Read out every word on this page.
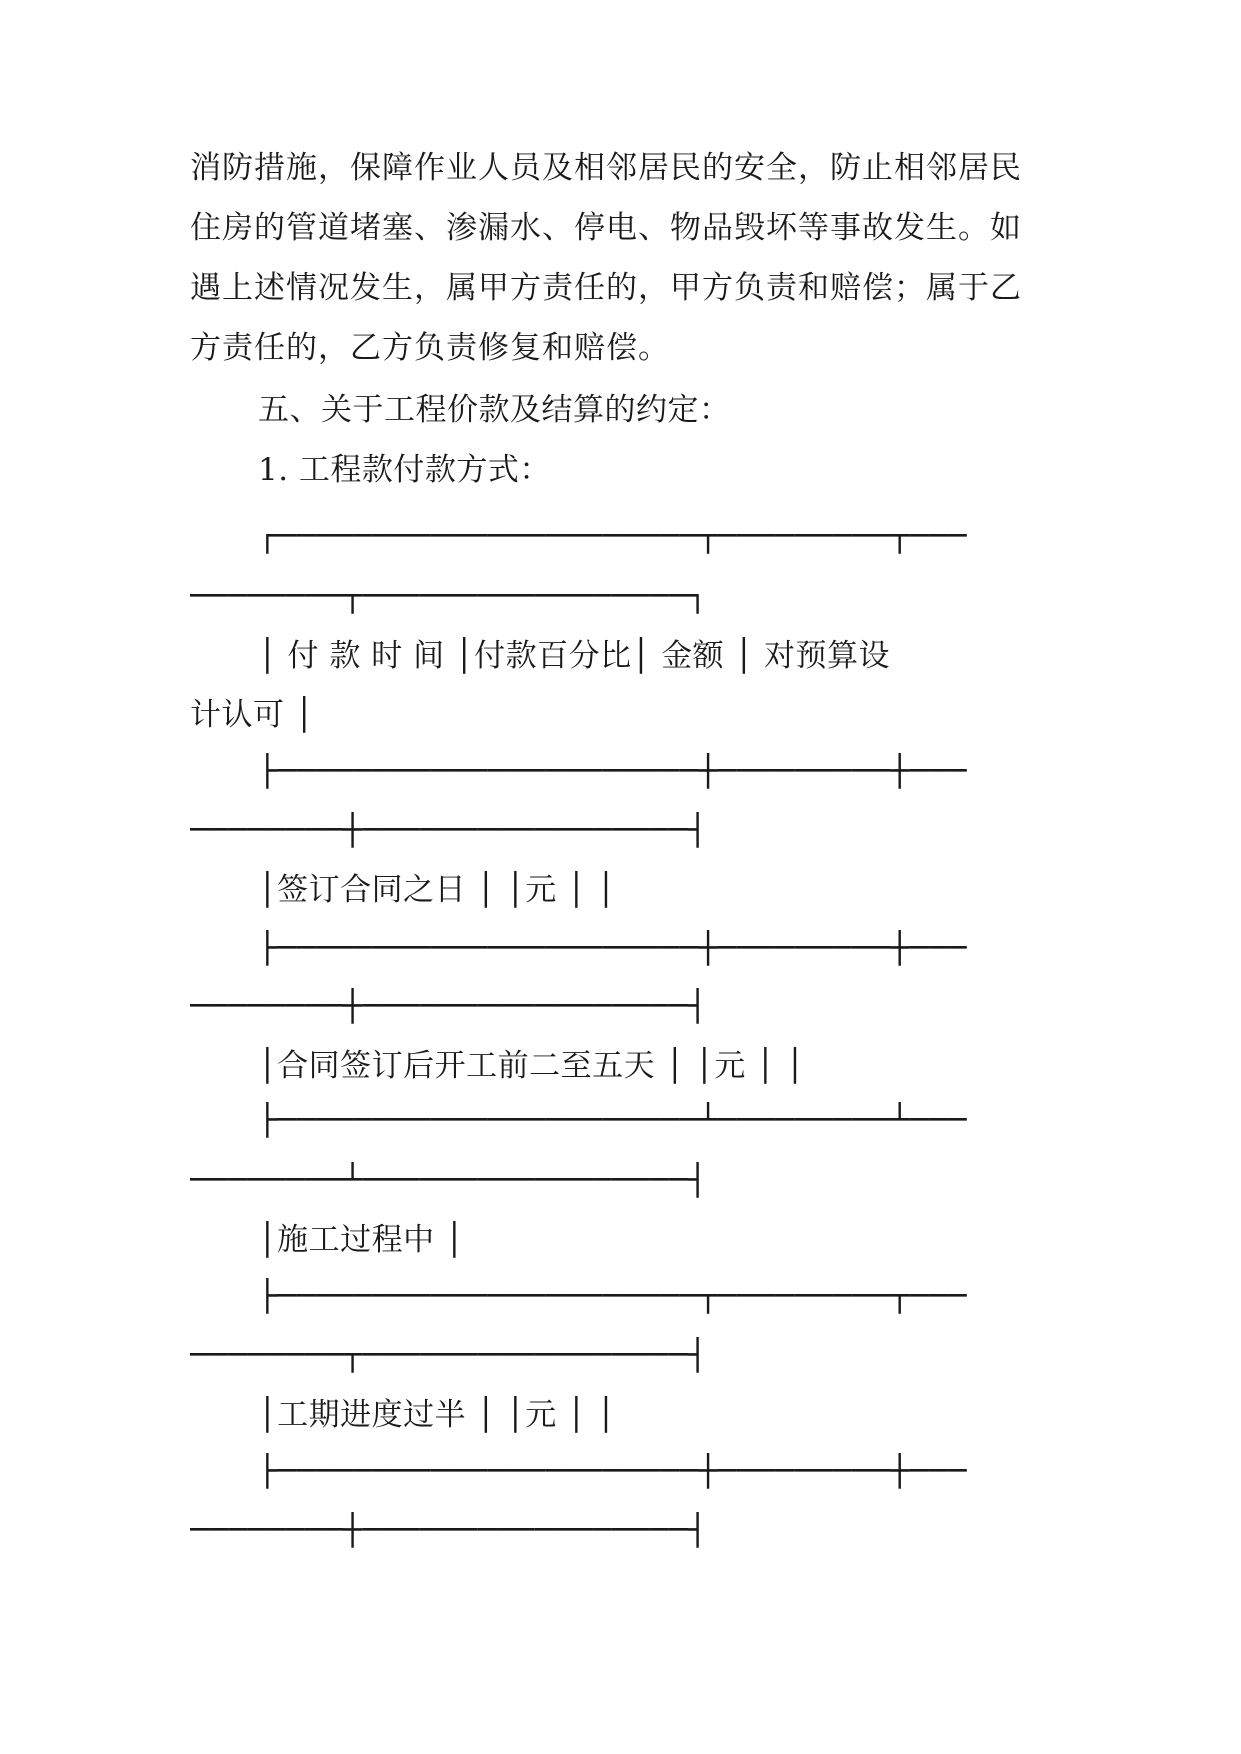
消防措施，保障作业人员及相邻居民的安全，防止相邻居民
住房的管道堵塞、渗漏水、停电、物品毁坏等事故发生。如
遇上述情况发生，属甲方责任的，甲方负责和赔偿；属于乙
方责任的，乙方负责修复和赔偿。
五、关于工程价款及结算的约定：
1. 工程款付款方式：
┌──────────────────────┬─────────┬───
────────┬─────────────────┐
│ 付 款 时 间 │付款百分比│ 金额 │ 对预算设
计认可 │
├──────────────────────┼─────────┼───
────────┼─────────────────┤
│签订合同之日 │ │元 │ │
├──────────────────────┼─────────┼───
────────┼─────────────────┤
│合同签订后开工前二至五天 │ │元 │ │
├──────────────────────┴─────────┴───
────────┴─────────────────┤
│施工过程中 │
├──────────────────────┬─────────┬───
────────┬─────────────────┤
│工期进度过半 │ │元 │ │
├──────────────────────┼─────────┼───
────────┼─────────────────┤
